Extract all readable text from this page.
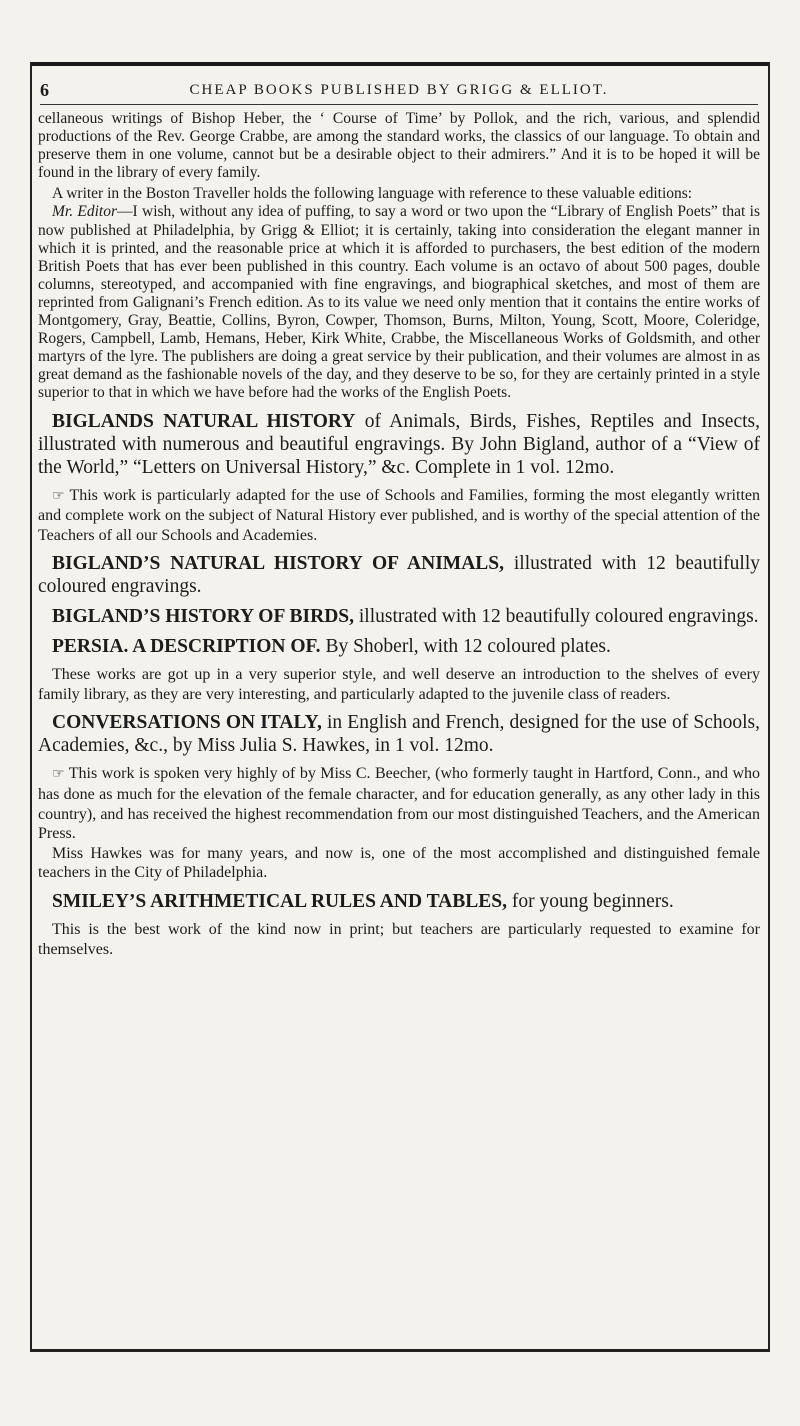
6	CHEAP BOOKS PUBLISHED BY GRIGG & ELLIOT.

cellaneous writings of Bishop Heber, the ‘ Course of Time’ by Pollok, and the rich, various, and splendid productions of the Rev. George Crabbe, are among the standard works, the classics of our language. To obtain and preserve them in one volume, cannot but be a desirable object to their admirers.” And it is to be hoped it will be found in the library of every family.

A writer in the Boston Traveller holds the following language with reference to these valuable editions:

Mr. Editor—I wish, without any idea of puffing, to say a word or two upon the “Library of English Poets” that is now published at Philadelphia, by Grigg & Elliot; it is certainly, taking into consideration the elegant manner in which it is printed, and the reasonable price at which it is afforded to purchasers, the best edition of the modern British Poets that has ever been published in this country. Each volume is an octavo of about 500 pages, double columns, stereotyped, and accompanied with fine engravings, and biographical sketches, and most of them are reprinted from Galignani’s French edition. As to its value we need only mention that it contains the entire works of Montgomery, Gray, Beattie, Collins, Byron, Cowper, Thomson, Burns, Milton, Young, Scott, Moore, Coleridge, Rogers, Campbell, Lamb, Hemans, Heber, Kirk White, Crabbe, the Miscellaneous Works of Goldsmith, and other martyrs of the lyre. The publishers are doing a great service by their publication, and their volumes are almost in as great demand as the fashionable novels of the day, and they deserve to be so, for they are certainly printed in a style superior to that in which we have before had the works of the English Poets.

BIGLANDS NATURAL HISTORY of Animals, Birds, Fishes, Reptiles and Insects, illustrated with numerous and beautiful engravings. By John Bigland, author of a “View of the World,” “Letters on Universal History,” &c. Complete in 1 vol. 12mo.

☞ This work is particularly adapted for the use of Schools and Families, forming the most elegantly written and complete work on the subject of Natural History ever published, and is worthy of the special attention of the Teachers of all our Schools and Academies.

BIGLAND’S NATURAL HISTORY OF ANIMALS, illustrated with 12 beautifully coloured engravings.

BIGLAND’S HISTORY OF BIRDS, illustrated with 12 beautifully coloured engravings.

PERSIA. A DESCRIPTION OF. By Shoberl, with 12 coloured plates.

These works are got up in a very superior style, and well deserve an introduction to the shelves of every family library, as they are very interesting, and particularly adapted to the juvenile class of readers.

CONVERSATIONS ON ITALY, in English and French, designed for the use of Schools, Academies, &c., by Miss Julia S. Hawkes, in 1 vol. 12mo.

☞ This work is spoken very highly of by Miss C. Beecher, (who formerly taught in Hartford, Conn., and who has done as much for the elevation of the female character, and for education generally, as any other lady in this country), and has received the highest recommendation from our most distinguished Teachers, and the American Press.

Miss Hawkes was for many years, and now is, one of the most accomplished and distinguished female teachers in the City of Philadelphia.

SMILEY’S ARITHMETICAL RULES AND TABLES, for young beginners.

This is the best work of the kind now in print; but teachers are particularly requested to examine for themselves.
